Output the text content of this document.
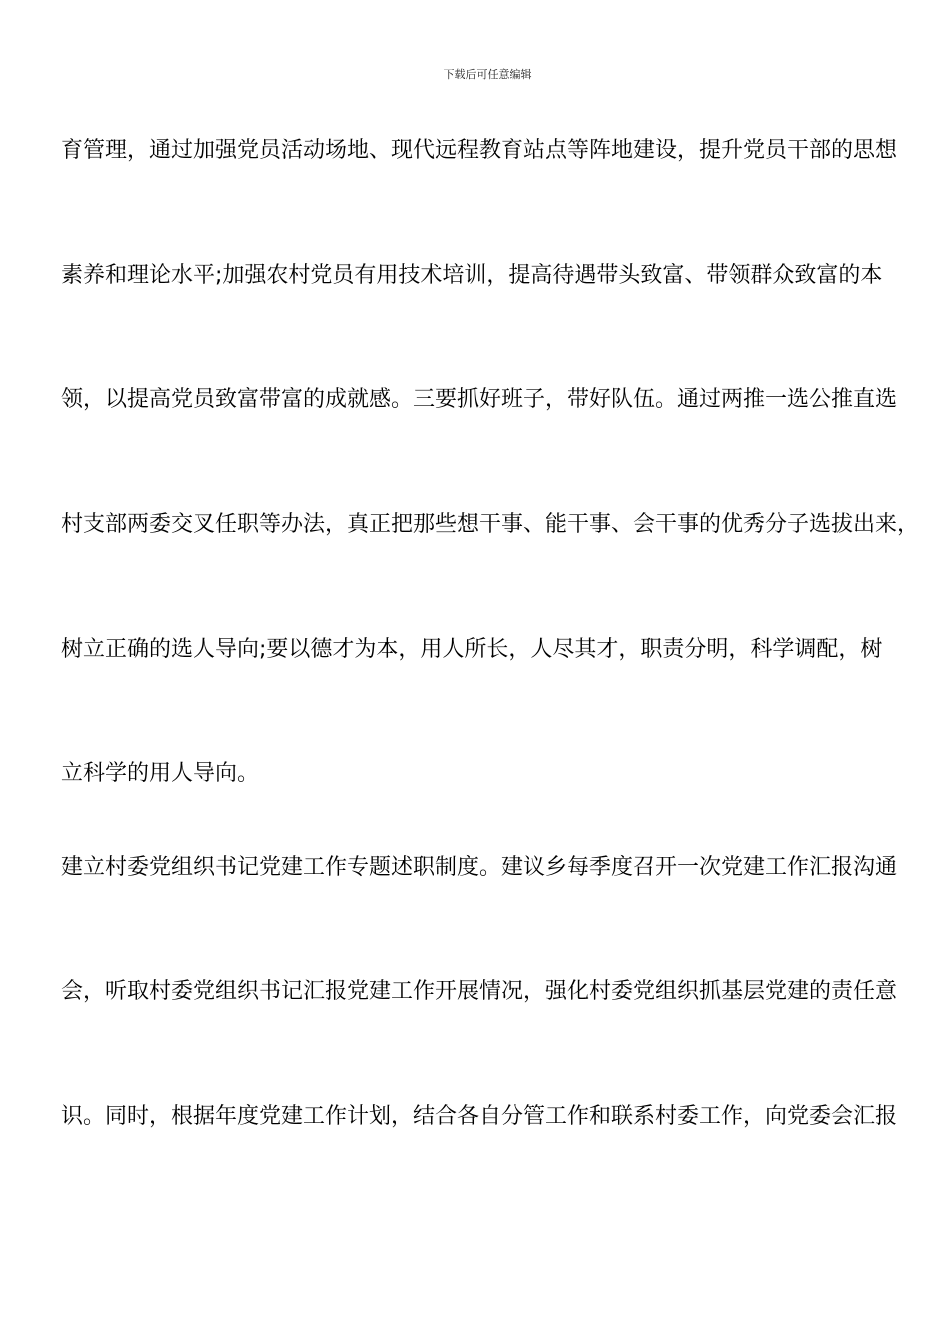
下载后可任意编辑
育管理，通过加强党员活动场地、现代远程教育站点等阵地建设，提升党员干部的思想
素养和理论水平;加强农村党员有用技术培训，提高待遇带头致富、带领群众致富的本
领，以提高党员致富带富的成就感。三要抓好班子，带好队伍。通过两推一选公推直选
村支部两委交叉任职等办法，真正把那些想干事、能干事、会干事的优秀分子选拔出来，
树立正确的选人导向;要以德才为本，用人所长，人尽其才，职责分明，科学调配，树
立科学的用人导向。
建立村委党组织书记党建工作专题述职制度。建议乡每季度召开一次党建工作汇报沟通
会，听取村委党组织书记汇报党建工作开展情况，强化村委党组织抓基层党建的责任意
识。同时，根据年度党建工作计划，结合各自分管工作和联系村委工作，向党委会汇报
